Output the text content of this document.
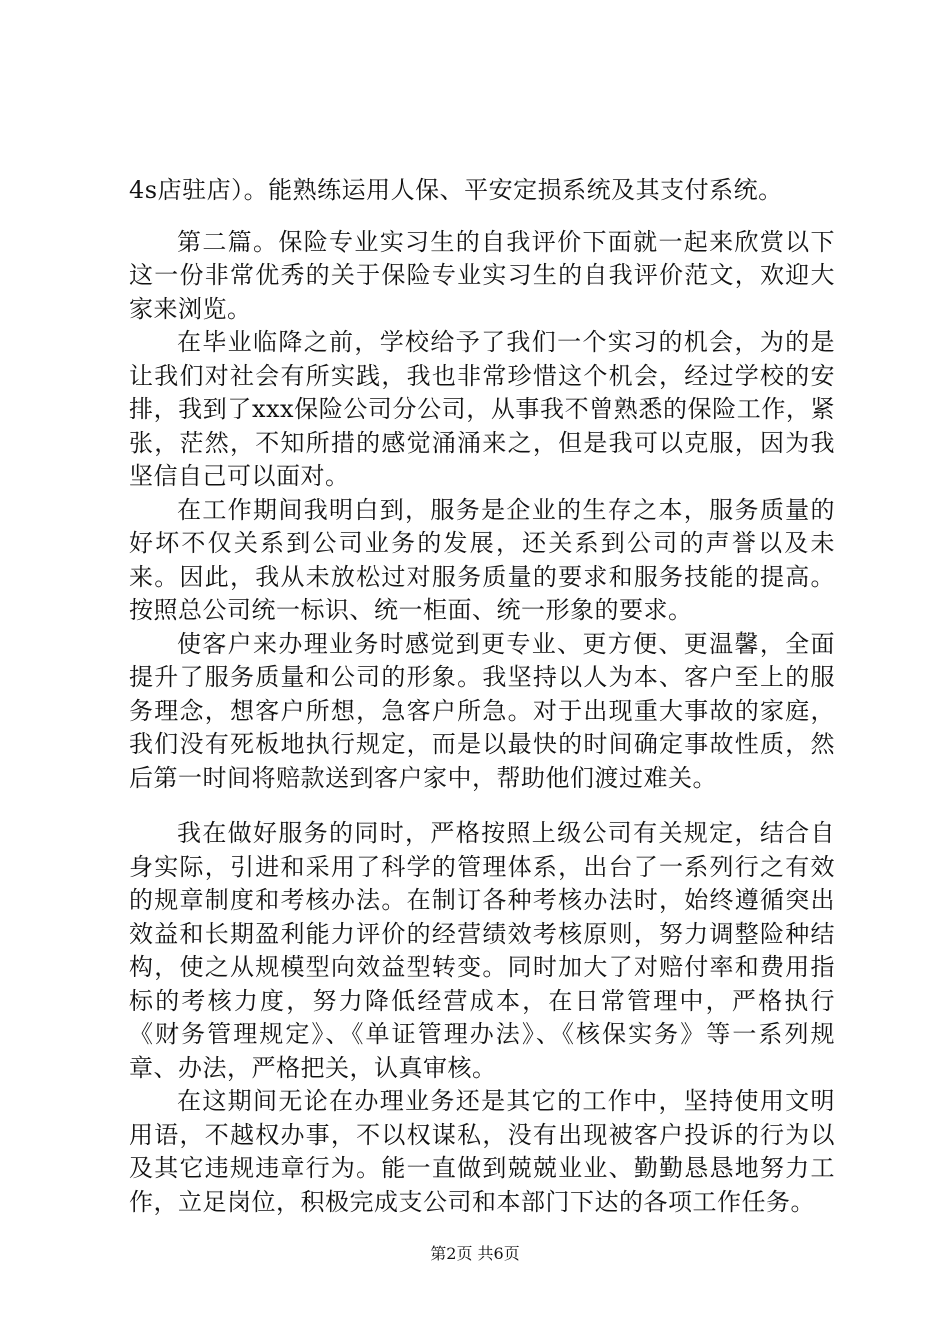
4s店驻店）。能熟练运用人保、平安定损系统及其支付系统。

第二篇。保险专业实习生的自我评价下面就一起来欣赏以下这一份非常优秀的关于保险专业实习生的自我评价范文，欢迎大家来浏览。

在毕业临降之前，学校给予了我们一个实习的机会，为的是让我们对社会有所实践，我也非常珍惜这个机会，经过学校的安排，我到了xxx保险公司分公司，从事我不曾熟悉的保险工作，紧张，茫然，不知所措的感觉涌涌来之，但是我可以克服，因为我坚信自己可以面对。

在工作期间我明白到，服务是企业的生存之本，服务质量的好坏不仅关系到公司业务的发展，还关系到公司的声誉以及未来。因此，我从未放松过对服务质量的要求和服务技能的提高。按照总公司统一标识、统一柜面、统一形象的要求。

使客户来办理业务时感觉到更专业、更方便、更温馨，全面提升了服务质量和公司的形象。我坚持以人为本、客户至上的服务理念，想客户所想，急客户所急。对于出现重大事故的家庭，我们没有死板地执行规定，而是以最快的时间确定事故性质，然后第一时间将赔款送到客户家中，帮助他们渡过难关。

我在做好服务的同时，严格按照上级公司有关规定，结合自身实际，引进和采用了科学的管理体系，出台了一系列行之有效的规章制度和考核办法。在制订各种考核办法时，始终遵循突出效益和长期盈利能力评价的经营绩效考核原则，努力调整险种结构，使之从规模型向效益型转变。同时加大了对赔付率和费用指标的考核力度，努力降低经营成本，在日常管理中，严格执行《财务管理规定》、《单证管理办法》、《核保实务》等一系列规章、办法，严格把关，认真审核。

在这期间无论在办理业务还是其它的工作中，坚持使用文明用语，不越权办事，不以权谋私，没有出现被客户投诉的行为以及其它违规违章行为。能一直做到兢兢业业、勤勤恳恳地努力工作，立足岗位，积极完成支公司和本部门下达的各项工作任务。

第2页 共6页
